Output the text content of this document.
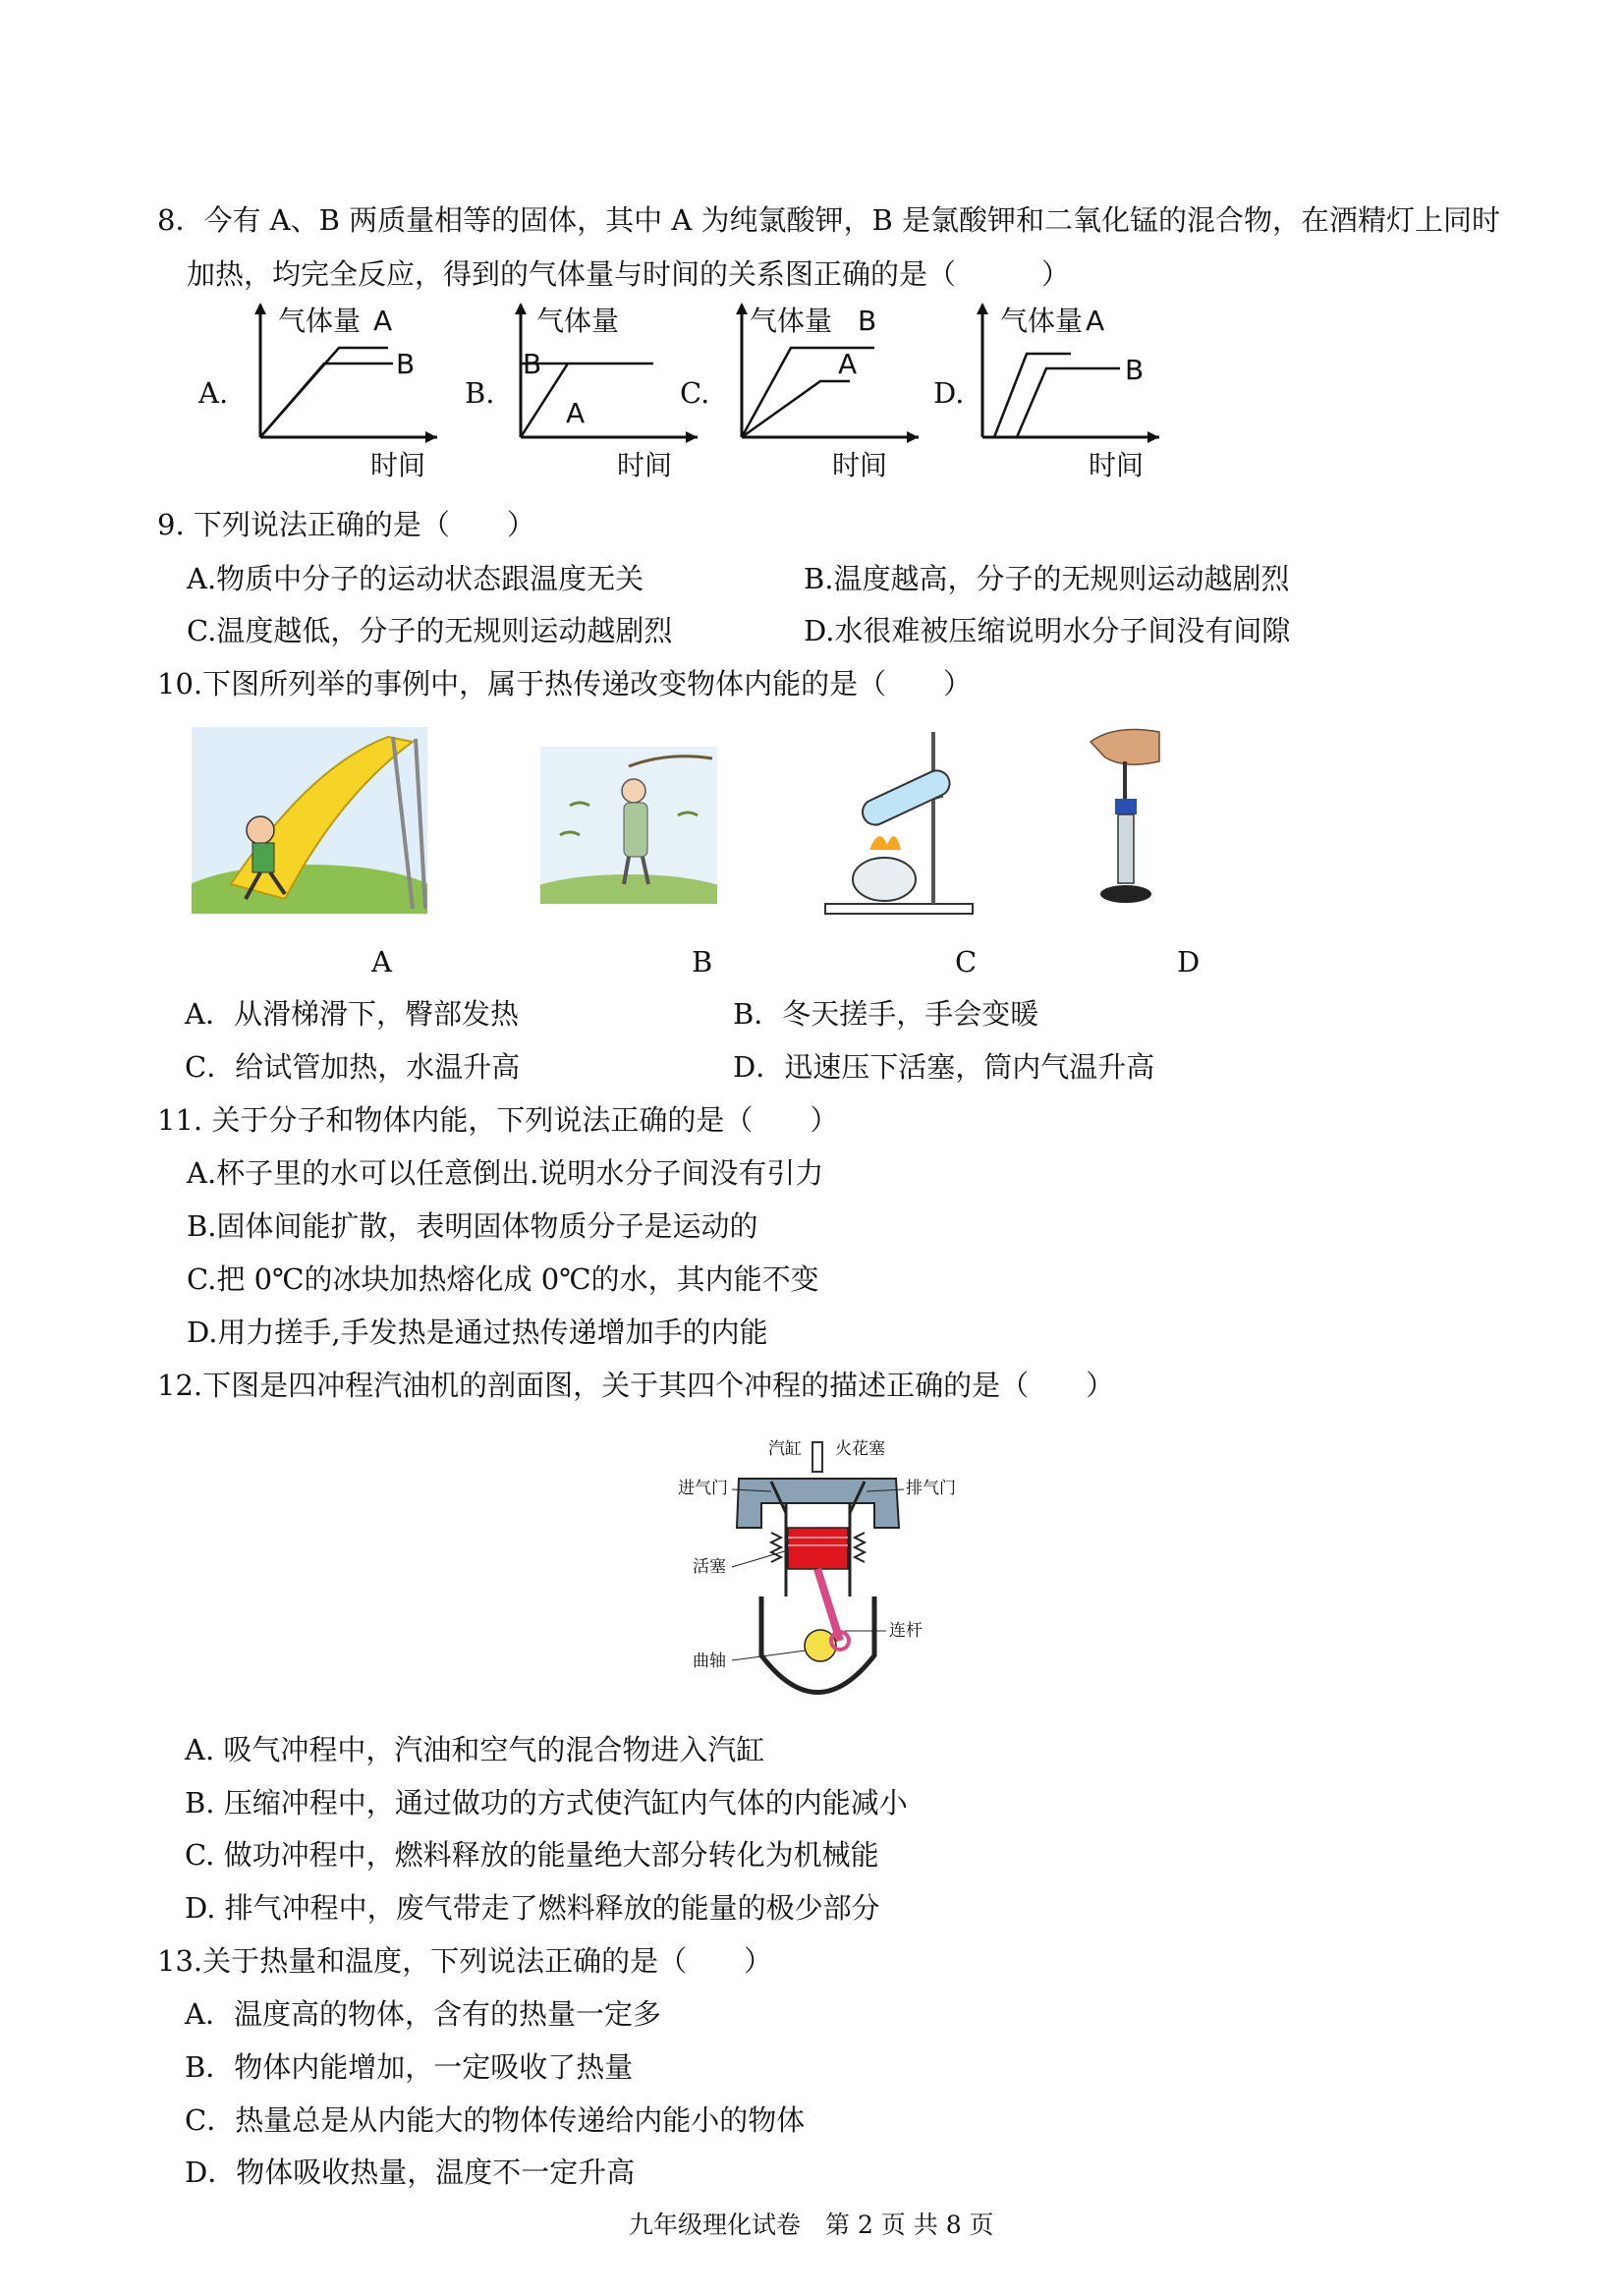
8．今有 A、B 两质量相等的固体，其中 A 为纯氯酸钾，B 是氯酸钾和二氧化锰的混合物，在酒精灯上同时
加热，均完全反应，得到的气体量与时间的关系图正确的是（　　　）
A.
气体量 A
B
时间
B.
气体量
B
A
时间
C.
气体量 B
A
时间
D.
气体量 A
B
时间
9. 下列说法正确的是（　　）
A.物质中分子的运动状态跟温度无关	B.温度越高，分子的无规则运动越剧烈
C.温度越低，分子的无规则运动越剧烈	D.水很难被压缩说明水分子间没有间隙
10.下图所列举的事例中，属于热传递改变物体内能的是（　　）
A	B	C	D
A．从滑梯滑下，臀部发热	B．冬天搓手，手会变暖
C．给试管加热，水温升高	D．迅速压下活塞，筒内气温升高
11. 关于分子和物体内能，下列说法正确的是（　　）
A.杯子里的水可以任意倒出.说明水分子间没有引力
B.固体间能扩散，表明固体物质分子是运动的
C.把 0℃的冰块加热熔化成 0℃的水，其内能不变
D.用力搓手,手发热是通过热传递增加手的内能
12.下图是四冲程汽油机的剖面图，关于其四个冲程的描述正确的是（　　）
汽缸 火花塞
进气门	排气门
活塞
连杆
曲轴
A. 吸气冲程中，汽油和空气的混合物进入汽缸
B. 压缩冲程中，通过做功的方式使汽缸内气体的内能减小
C. 做功冲程中，燃料释放的能量绝大部分转化为机械能
D. 排气冲程中，废气带走了燃料释放的能量的极少部分
13.关于热量和温度，下列说法正确的是（　　）
A．温度高的物体，含有的热量一定多
B．物体内能增加，一定吸收了热量
C．热量总是从内能大的物体传递给内能小的物体
D．物体吸收热量，温度不一定升高
九年级理化试卷　第 2 页 共 8 页
